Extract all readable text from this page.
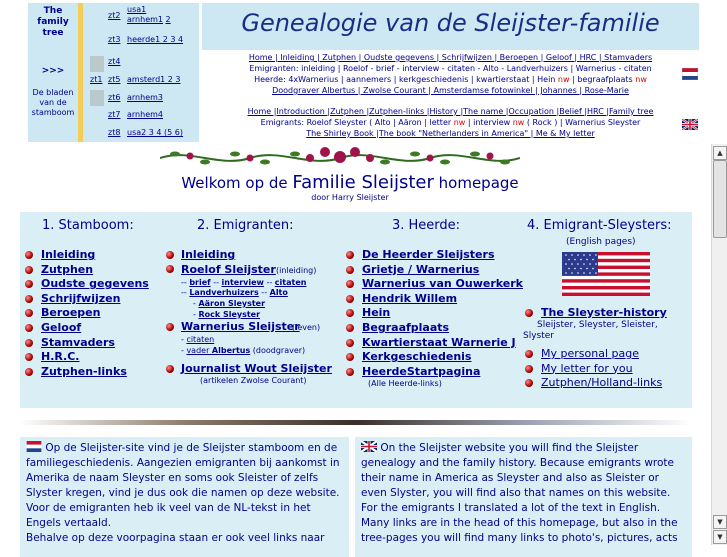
The family tree
>>>
De bladen van de stamboom
zt2
usa1
arnhem1 2
zt3 heerde1 2 3 4
zt4
zt1 zt5 amsterd1 2 3
zt6 arnhem3
zt7 arnhem4
zt8 usa2 3 4 (5 6)
Genealogie van de Sleijster-familie
Home | Inleiding | Zutphen | Oudste gegevens | Schrijfwijzen | Beroepen | Geloof | HRC | Stamvaders
Emigranten: inleiding | Roelof - brief - interview - citaten - Alto - Landverhuizers | Warnerius - citaten
Heerde: 4xWarnerius | aannemers | kerkgeschiedenis | kwartierstaat | Hein nw | begraafplaats nw
Doodgraver Albertus | Zwolse Courant | Amsterdamse fotowinkel | Johannes | Rose-Marie
Home |Introduction |Zutphen |Zutphen-links |History |The name |Occupation |Belief |HRC |Family tree
Emigrants: Roelof Sleyster ( Alto | Aäron | letter nw | interview nw ( Rock ) | Warnerius Sleyster
The Shirley Book |The book "Netherlanders in America" | Me & My letter
Welkom op de Familie Sleijster homepage
door Harry Sleijster
1. Stamboom:
Inleiding
Zutphen
Oudste gegevens
Schrijfwijzen
Beroepen
Geloof
Stamvaders
H.R.C.
Zutphen-links
2. Emigranten:
Inleiding
Roelof Sleijster (inleiding)
-- brief -- interview -- citaten
-- Landverhuizers -- Alto
- Aäron Sleyster
- Rock Sleyster
Warnerius Sleijster
(leven)
- citaten
- vader Albertus (doodgraver)
Journalist Wout Sleijster
(artikelen Zwolse Courant)
3. Heerde:
De Heerder Sleijsters
Grietje / Warnerius
Warnerius van Ouwerkerk
Hendrik Willem
Hein
Begraafplaats
Kwartierstaat Warnerie J
Kerkgeschiedenis
HeerdeStartpagina
(Alle Heerde-links)
4. Emigrant-Sleysters:
(English pages)
The Sleyster-history
Sleijster, Sleyster, Sleister,
Slyster
My personal page
My letter for you
Zutphen/Holland-links
Op de Sleijster-site vind je de Sleijster stamboom en de familiegeschiedenis. Aangezien emigranten bij aankomst in Amerika de naam Sleyster en soms ook Sleister of zelfs Slyster kregen, vind je dus ook die namen op deze website. Voor de emigranten heb ik veel van de NL-tekst in het Engels vertaald.
Behalve op deze voorpagina staan er ook veel links naar
On the Sleijster website you will find the Sleijster genealogy and the family history. Because emigrants wrote their name in America as Sleyster and also as Sleister or even Slyster, you will find also that names on this website. For the emigrants I translated a lot of the text in English.
Many links are in the head of this homepage, but also in the tree-pages you will find many links to photo's, pictures, acts
▲
▼
▼
